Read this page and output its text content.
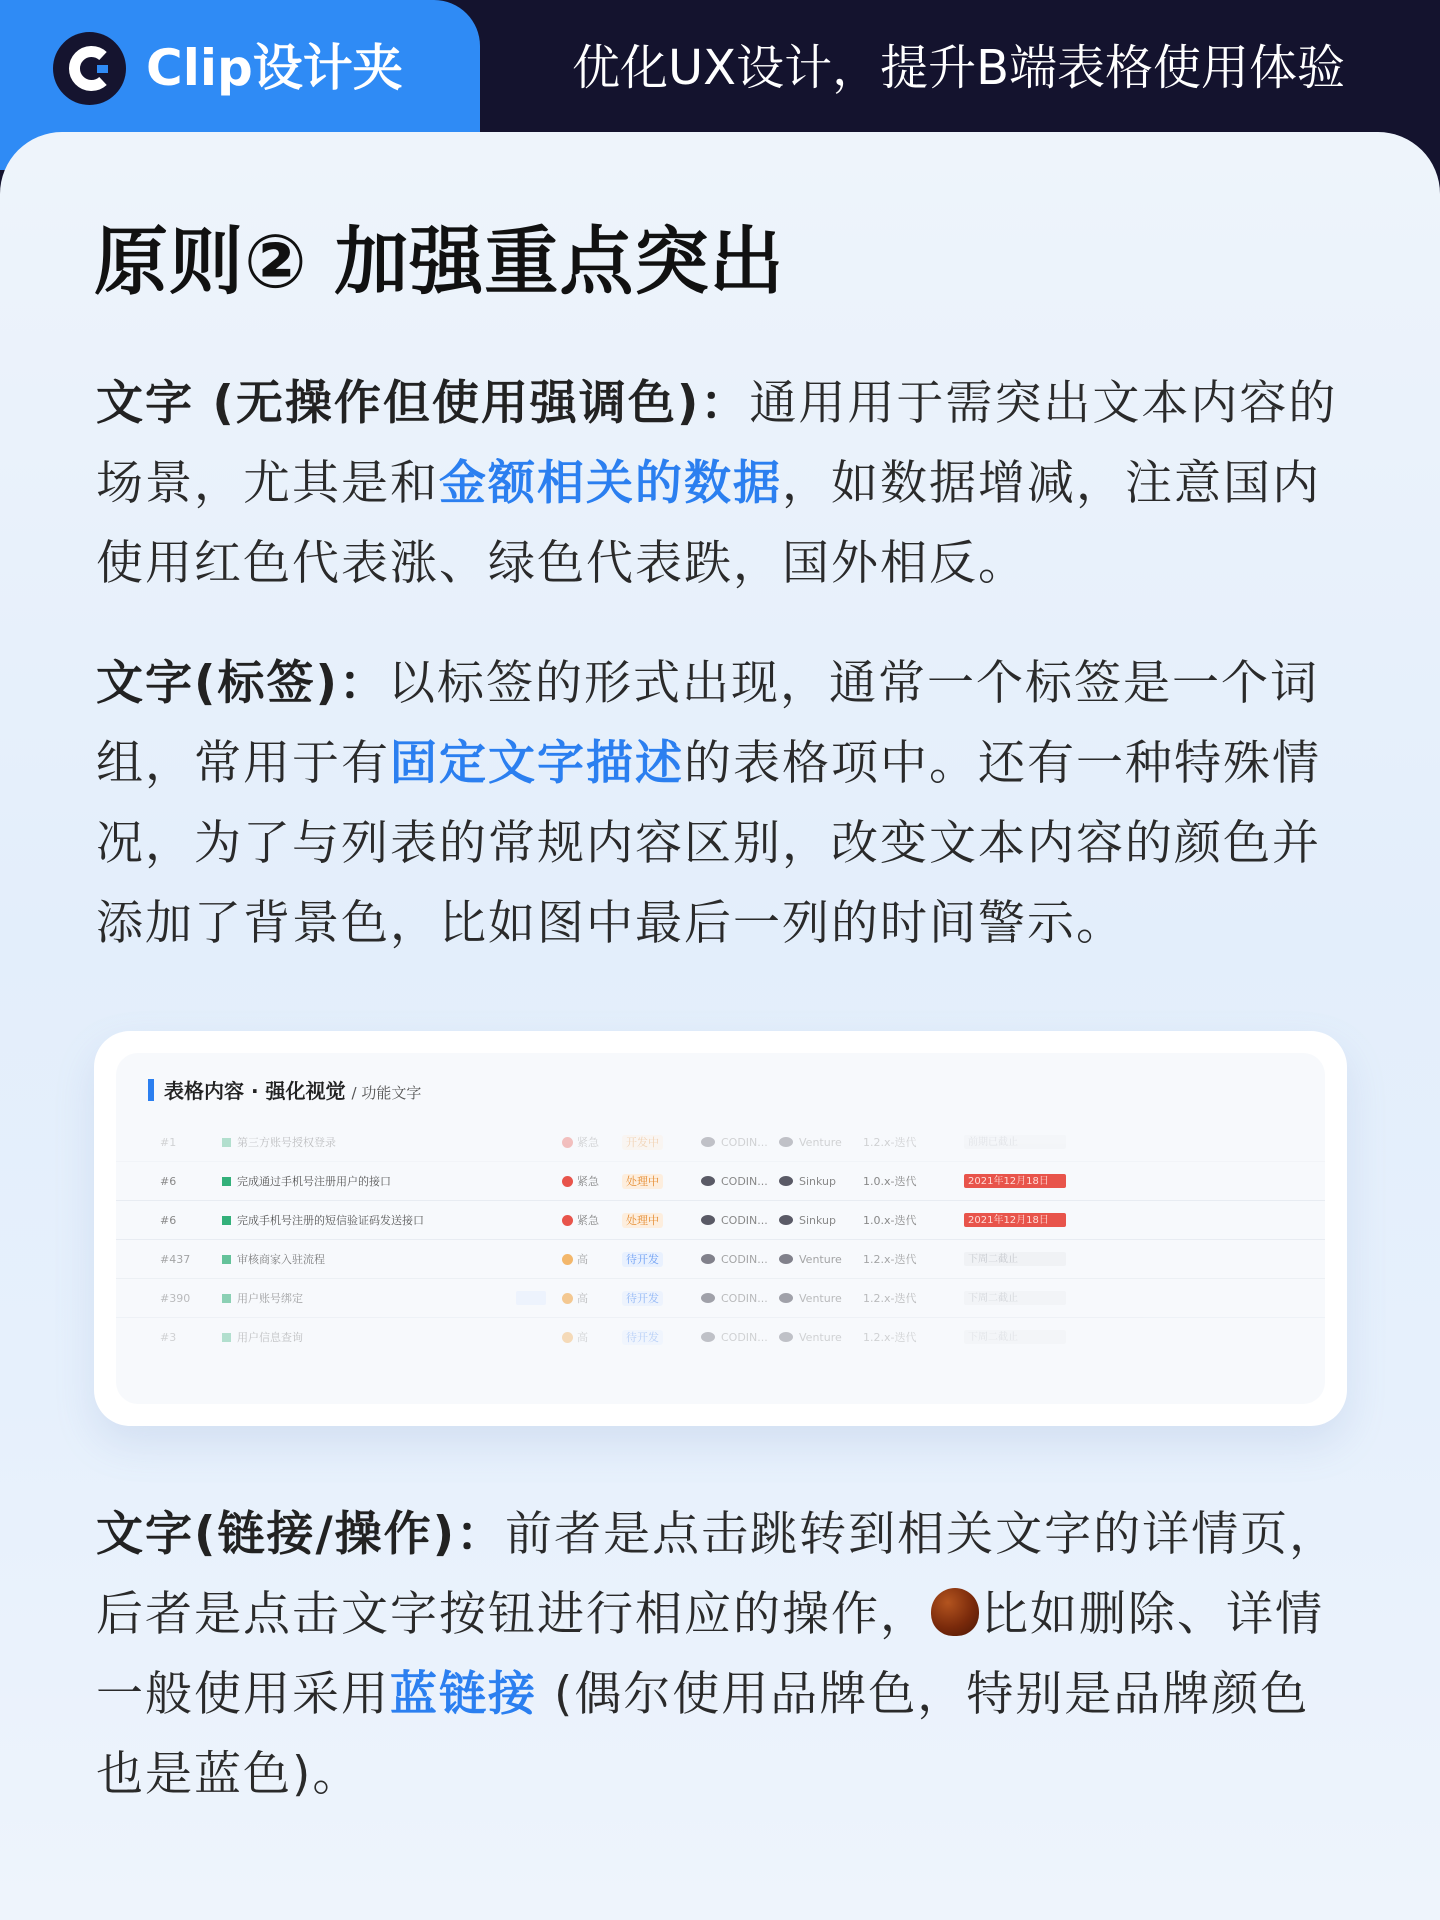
Clip设计夹	优化UX设计，提升B端表格使用体验
原则② 加强重点突出
文字 (无操作但使用强调色)：通用用于需突出文本内容的场景，尤其是和金额相关的数据，如数据增减，注意国内使用红色代表涨、绿色代表跌，国外相反。
文字(标签)：以标签的形式出现，通常一个标签是一个词组，常用于有固定文字描述的表格项中。还有一种特殊情况，为了与列表的常规内容区别，改变文本内容的颜色并添加了背景色，比如图中最后一列的时间警示。
表格内容 · 强化视觉 / 功能文字
#1	第三方账号授权登录	紧急	开发中	CODIN...	Venture 1.2.x-迭代	前期已截止
#6	完成通过手机号注册用户的接口	紧急	处理中	CODIN...	Sinkup 1.0.x-迭代	2021年12月18日
#6	完成手机号注册的短信验证码发送接口	紧急	处理中	CODIN...	Sinkup 1.0.x-迭代	2021年12月18日
#437	审核商家入驻流程	高	待开发	CODIN...	Venture 1.2.x-迭代	下周二截止
#390	用户账号绑定	高	待开发	CODIN...	Venture 1.2.x-迭代	下周二截止
#3	用户信息查询	高	待开发	CODIN...	Venture 1.2.x-迭代	下周二截止
文字(链接/操作)：前者是点击跳转到相关文字的详情页，后者是点击文字按钮进行相应的操作， 比如删除、详情一般使用采用蓝链接 (偶尔使用品牌色，特别是品牌颜色也是蓝色)。
